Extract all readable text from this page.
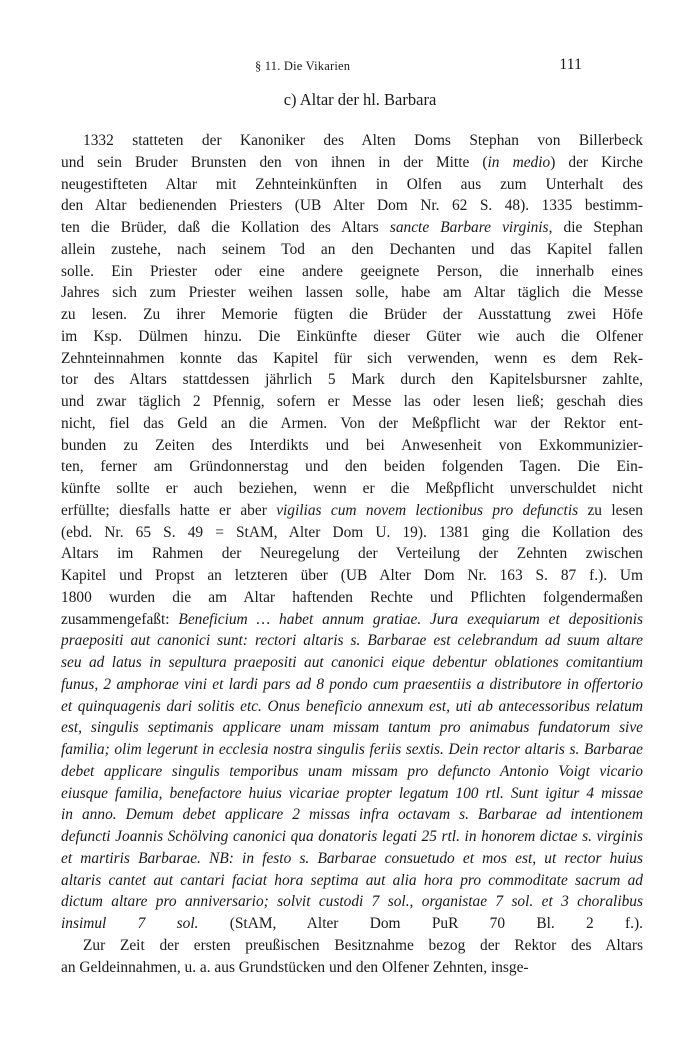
§ 11. Die Vikarien	111
c) Altar der hl. Barbara
1332 statteten der Kanoniker des Alten Doms Stephan von Billerbeck
und sein Bruder Brunsten den von ihnen in der Mitte (in medio) der Kirche
neugestifteten Altar mit Zehnteinkünften in Olfen aus zum Unterhalt des
den Altar bedienenden Priesters (UB Alter Dom Nr. 62 S. 48). 1335 bestimm-
ten die Brüder, daß die Kollation des Altars sancte Barbare virginis, die Stephan
allein zustehe, nach seinem Tod an den Dechanten und das Kapitel fallen
solle. Ein Priester oder eine andere geeignete Person, die innerhalb eines
Jahres sich zum Priester weihen lassen solle, habe am Altar täglich die Messe
zu lesen. Zu ihrer Memorie fügten die Brüder der Ausstattung zwei Höfe
im Ksp. Dülmen hinzu. Die Einkünfte dieser Güter wie auch die Olfener
Zehnteinnahmen konnte das Kapitel für sich verwenden, wenn es dem Rek-
tor des Altars stattdessen jährlich 5 Mark durch den Kapitelsbursner zahlte,
und zwar täglich 2 Pfennig, sofern er Messe las oder lesen ließ; geschah dies
nicht, fiel das Geld an die Armen. Von der Meßpflicht war der Rektor ent-
bunden zu Zeiten des Interdikts und bei Anwesenheit von Exkommunizier-
ten, ferner am Gründonnerstag und den beiden folgenden Tagen. Die Ein-
künfte sollte er auch beziehen, wenn er die Meßpflicht unverschuldet nicht
erfüllte; diesfalls hatte er aber vigilias cum novem lectionibus pro defunctis zu lesen
(ebd. Nr. 65 S. 49 = StAM, Alter Dom U. 19). 1381 ging die Kollation des
Altars im Rahmen der Neuregelung der Verteilung der Zehnten zwischen
Kapitel und Propst an letzteren über (UB Alter Dom Nr. 163 S. 87 f.). Um
1800 wurden die am Altar haftenden Rechte und Pflichten folgendermaßen
zusammengefaßt: Beneficium … habet annum gratiae. Jura exequiarum et depositionis
praepositi aut canonici sunt: rectori altaris s. Barbarae est celebrandum ad suum altare
seu ad latus in sepultura praepositi aut canonici eique debentur oblationes comitantium
funus, 2 amphorae vini et lardi pars ad 8 pondo cum praesentiis a distributore in offertorio
et quinquagenis dari solitis etc. Onus beneficio annexum est, uti ab antecessoribus relatum
est, singulis septimanis applicare unam missam tantum pro animabus fundatorum sive
familia; olim legerunt in ecclesia nostra singulis feriis sextis. Dein rector altaris s. Barbarae
debet applicare singulis temporibus unam missam pro defuncto Antonio Voigt vicario
eiusque familia, benefactore huius vicariae propter legatum 100 rtl. Sunt igitur 4 missae
in anno. Demum debet applicare 2 missas infra octavam s. Barbarae ad intentionem
defuncti Joannis Schölving canonici qua donatoris legati 25 rtl. in honorem dictae s. virginis
et martiris Barbarae. NB: in festo s. Barbarae consuetudo et mos est, ut rector huius
altaris cantet aut cantari faciat hora septima aut alia hora pro commoditate sacrum ad
dictum altare pro anniversario; solvit custodi 7 sol., organistae 7 sol. et 3 choralibus
insimul 7 sol. (StAM, Alter Dom PuR 70 Bl. 2 f.).
Zur Zeit der ersten preußischen Besitznahme bezog der Rektor des Altars
an Geldeinnahmen, u. a. aus Grundstücken und den Olfener Zehnten, insge-
